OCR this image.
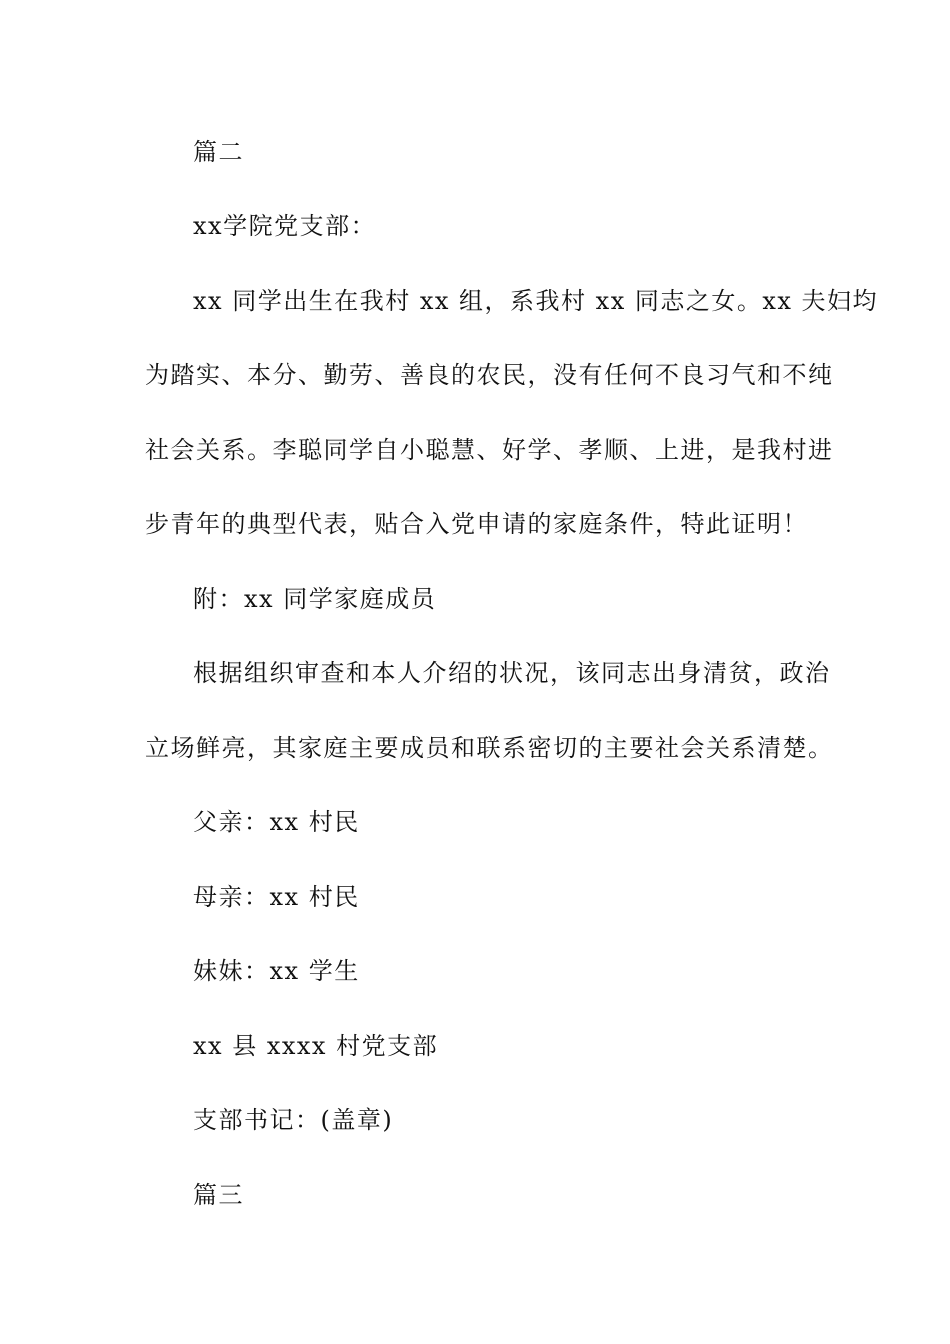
篇二
xx学院党支部：
xx 同学出生在我村 xx 组，系我村 xx 同志之女。xx 夫妇均
为踏实、本分、勤劳、善良的农民，没有任何不良习气和不纯
社会关系。李聪同学自小聪慧、好学、孝顺、上进，是我村进
步青年的典型代表，贴合入党申请的家庭条件，特此证明！
附：xx 同学家庭成员
根据组织审查和本人介绍的状况，该同志出身清贫，政治
立场鲜亮，其家庭主要成员和联系密切的主要社会关系清楚。
父亲：xx 村民
母亲：xx 村民
妹妹：xx 学生
xx 县 xxxx 村党支部
支部书记：(盖章)
篇三
